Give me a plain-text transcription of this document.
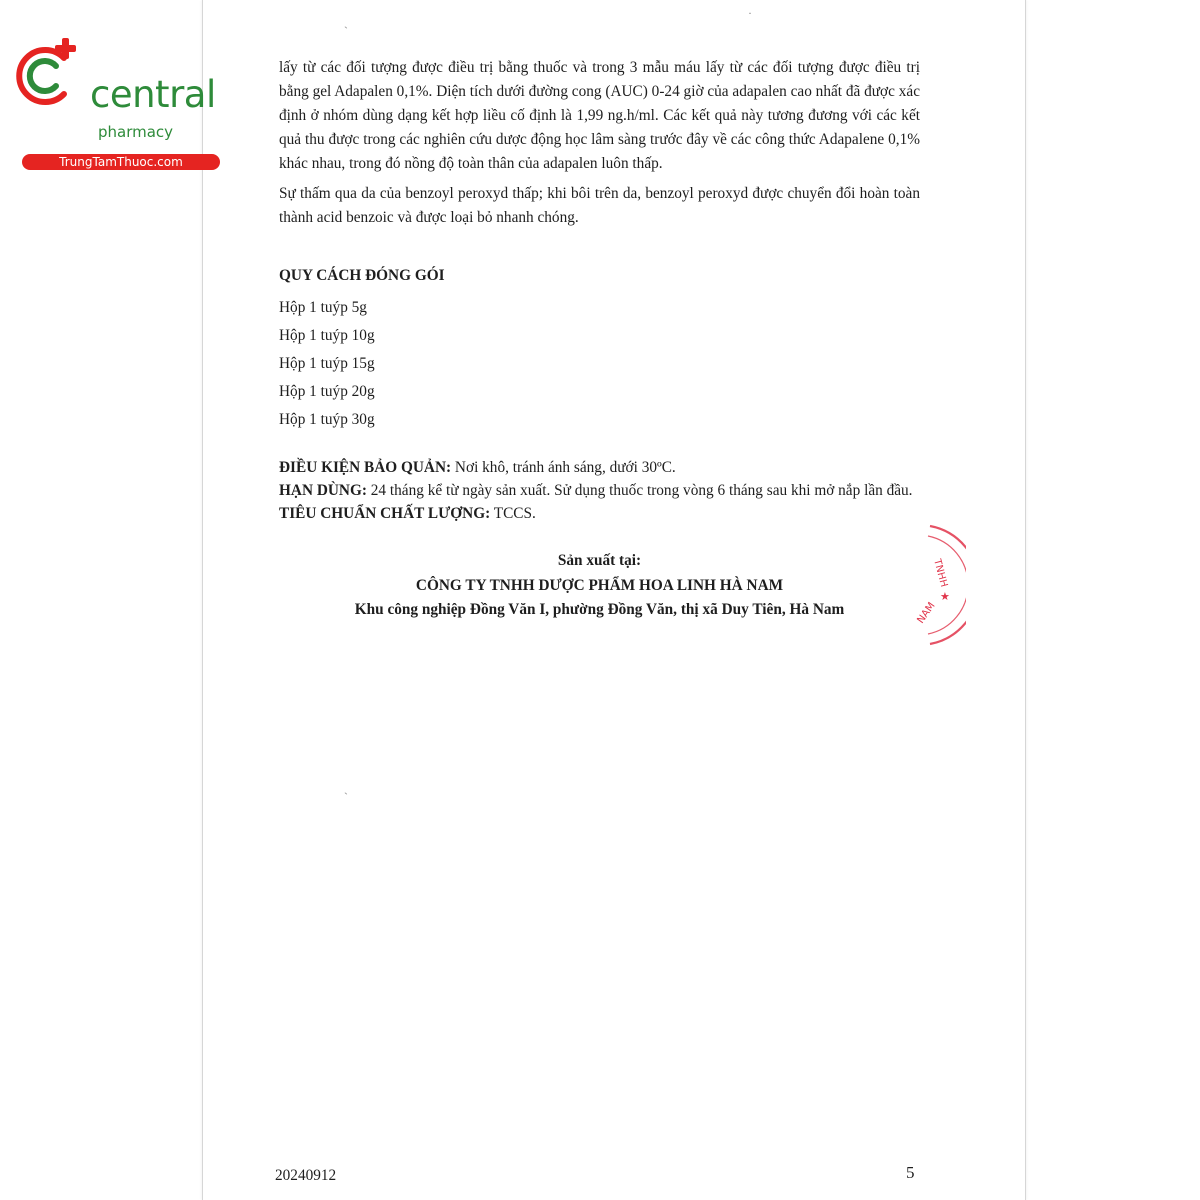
ˋ
·
ˋ
central
pharmacy
TrungTamThuoc.com

lấy từ các đối tượng được điều trị bằng thuốc và trong 3 mẫu máu lấy từ các đối tượng được điều trị bằng gel Adapalen 0,1%. Diện tích dưới đường cong (AUC) 0-24 giờ của adapalen cao nhất đã được xác định ở nhóm dùng dạng kết hợp liều cố định là 1,99 ng.h/ml. Các kết quả này tương đương với các kết quả thu được trong các nghiên cứu dược động học lâm sàng trước đây về các công thức Adapalene 0,1% khác nhau, trong đó nồng độ toàn thân của adapalen luôn thấp.

Sự thấm qua da của benzoyl peroxyd thấp; khi bôi trên da, benzoyl peroxyd được chuyển đổi hoàn toàn thành acid benzoic và được loại bỏ nhanh chóng.

QUY CÁCH ĐÓNG GÓI
Hộp 1 tuýp 5g
Hộp 1 tuýp 10g
Hộp 1 tuýp 15g
Hộp 1 tuýp 20g
Hộp 1 tuýp 30g

ĐIỀU KIỆN BẢO QUẢN: Nơi khô, tránh ánh sáng, dưới 30ºC.

HẠN DÙNG: 24 tháng kể từ ngày sản xuất. Sử dụng thuốc trong vòng 6 tháng sau khi mở nắp lần đầu.

TIÊU CHUẨN CHẤT LƯỢNG: TCCS.

Sản xuất tại:

CÔNG TY TNHH DƯỢC PHẨM HOA LINH HÀ NAM

Khu công nghiệp Đồng Văn I, phường Đồng Văn, thị xã Duy Tiên, Hà Nam

TNHH
★
NAM
20240912	5
